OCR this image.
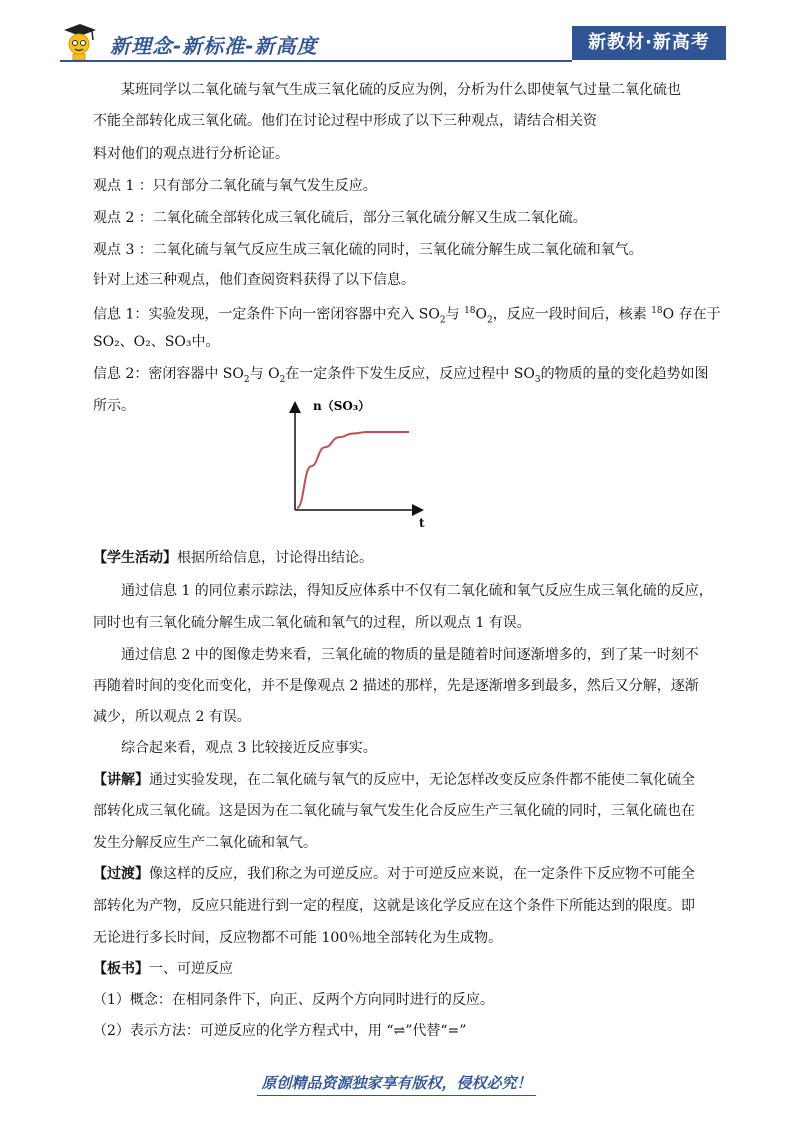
新理念-新标准-新高度	新教材·新高考
某班同学以二氧化硫与氧气生成三氧化硫的反应为例，分析为什么即使氧气过量二氧化硫也
不能全部转化成三氧化硫。他们在讨论过程中形成了以下三种观点，请结合相关资
料对他们的观点进行分析论证。
观点 1 ：只有部分二氧化硫与氧气发生反应。
观点 2 ：二氧化硫全部转化成三氧化硫后，部分三氧化硫分解又生成二氧化硫。
观点 3 ：二氧化硫与氧气反应生成三氧化硫的同时，三氧化硫分解生成二氧化硫和氧气。
针对上述三种观点，他们查阅资料获得了以下信息。
信息 1：实验发现，一定条件下向一密闭容器中充入 $SO_2$与 $^{18}O_2$，反应一段时间后，核素 $^{18}$O 存在于
SO₂、O₂、SO₃中。
信息 2：密闭容器中 $SO_2$与 $O_2$在一定条件下发生反应，反应过程中 $SO_3$的物质的量的变化趋势如图
所示。
【学生活动】根据所给信息，讨论得出结论。
通过信息 1 的同位素示踪法，得知反应体系中不仅有二氧化硫和氧气反应生成三氧化硫的反应，
同时也有三氧化硫分解生成二氧化硫和氧气的过程，所以观点 1 有误。
通过信息 2 中的图像走势来看，三氧化硫的物质的量是随着时间逐渐增多的，到了某一时刻不
再随着时间的变化而变化，并不是像观点 2 描述的那样，先是逐渐增多到最多，然后又分解，逐渐
减少，所以观点 2 有误。
综合起来看，观点 3 比较接近反应事实。
【讲解】通过实验发现，在二氧化硫与氧气的反应中，无论怎样改变反应条件都不能使二氧化硫全
部转化成三氧化硫。这是因为在二氧化硫与氧气发生化合反应生产三氧化硫的同时，三氧化硫也在
发生分解反应生产二氧化硫和氧气。
【过渡】像这样的反应，我们称之为可逆反应。对于可逆反应来说，在一定条件下反应物不可能全
部转化为产物，反应只能进行到一定的程度，这就是该化学反应在这个条件下所能达到的限度。即
无论进行多长时间，反应物都不可能 100％地全部转化为生成物。
【板书】一、可逆反应
（1）概念：在相同条件下，向正、反两个方向同时进行的反应。
（2）表示方法：可逆反应的化学方程式中，用 “⇌”代替“=”
n（SO₃）
t
原创精品资源独家享有版权，侵权必究！
